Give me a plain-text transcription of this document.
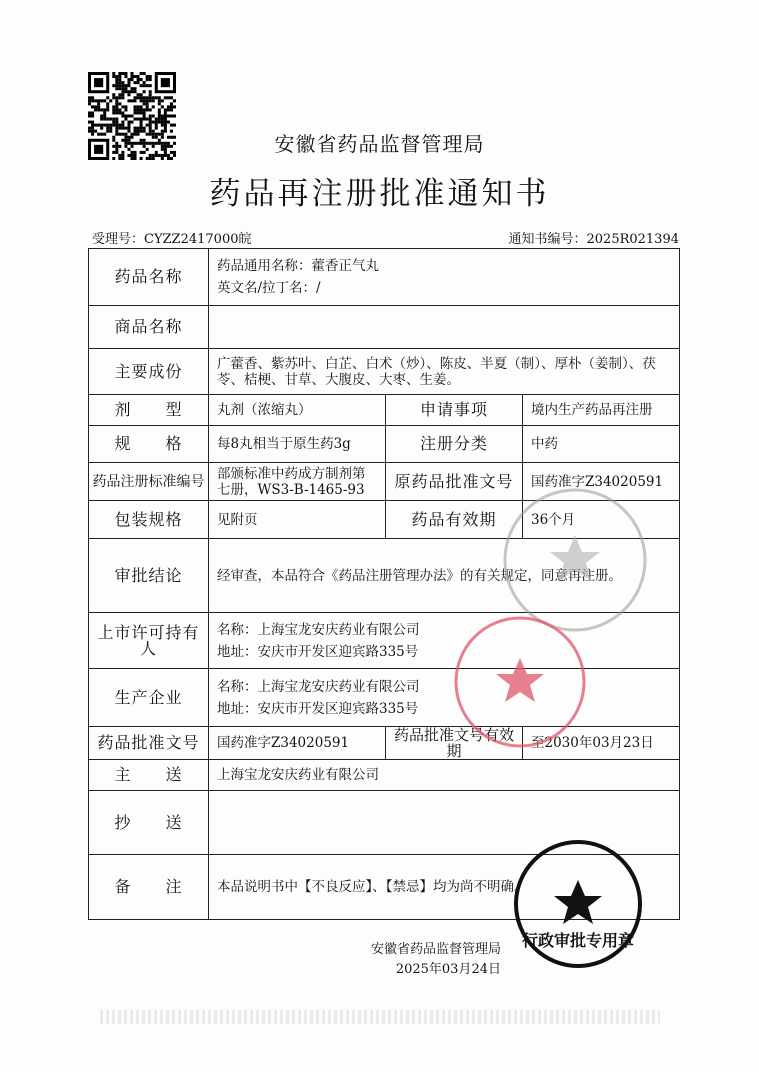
安徽省药品监督管理局
药品再注册批准通知书
受理号：CYZZ2417000皖	通知书编号：2025R021394
药品名称	药品通用名称：藿香正气丸
英文名/拉丁名：/		

商品名称			
主要成份	广藿香、紫苏叶、白芷、白术（炒）、陈皮、半夏（制）、厚朴（姜制）、茯苓、桔梗、甘草、大腹皮、大枣、生姜。		
剂　　型	丸剂（浓缩丸）	申请事项	境内生产药品再注册
规　　格	每8丸相当于原生药3g	注册分类	中药
药品注册标准编号	部颁标准中药成方制剂第七册，WS3-B-1465-93	原药品批准文号	国药准字Z34020591
包装规格	见附页	药品有效期	36个月
审批结论	经审查，本品符合《药品注册管理办法》的有关规定，同意再注册。		
上市许可持有人	名称：上海宝龙安庆药业有限公司
地址：安庆市开发区迎宾路335号		

生产企业	名称：上海宝龙安庆药业有限公司
地址：安庆市开发区迎宾路335号		

药品批准文号	国药准字Z34020591	药品批准文号有效期	至2030年03月23日
主　　送	上海宝龙安庆药业有限公司		
抄　　送			
备　　注	本品说明书中【不良反应】、【禁忌】均为尚不明确。		
安徽省药品监督管理局
2025年03月24日
行政审批专用章
